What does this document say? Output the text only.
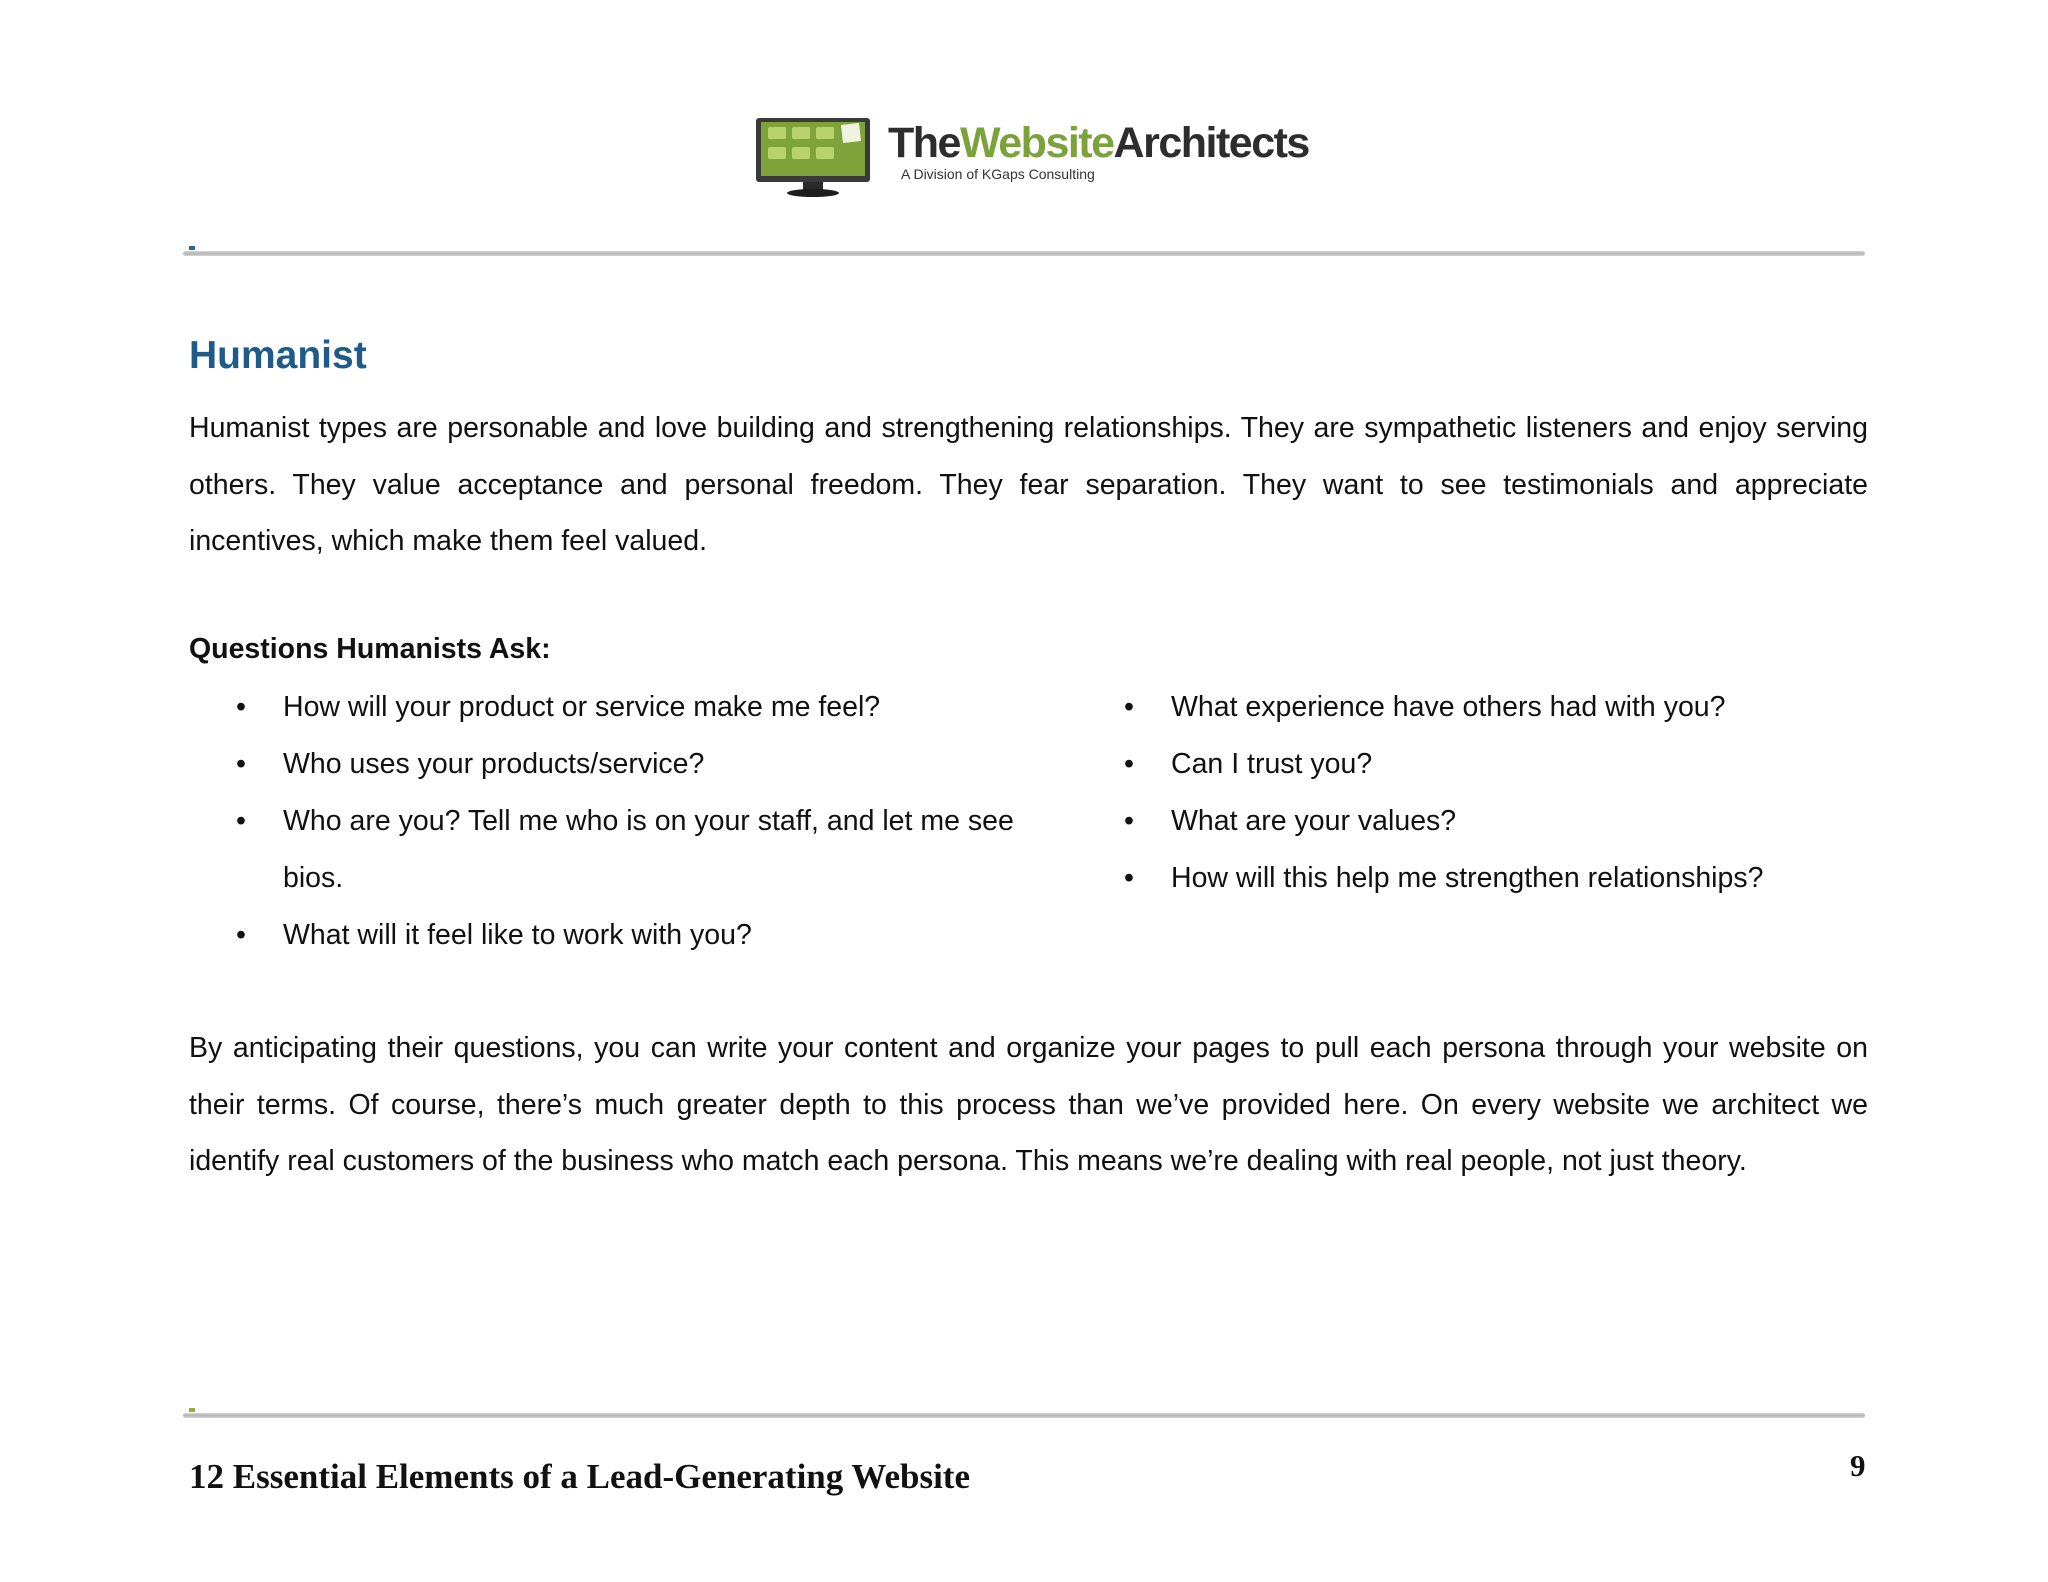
TheWebsiteArchitects
A Division of KGaps Consulting
Humanist

Humanist types are personable and love building and strengthening relationships. They are sympathetic listeners and enjoy serving others. They value acceptance and personal freedom. They fear separation. They want to see testimonials and appreciate incentives, which make them feel valued.

Questions Humanists Ask:
• How will your product or service make me feel?
• Who uses your products/service?
• Who are you? Tell me who is on your staff, and let me see bios.
• What will it feel like to work with you?
• What experience have others had with you?
• Can I trust you?
• What are your values?
• How will this help me strengthen relationships?

By anticipating their questions, you can write your content and organize your pages to pull each persona through your website on their terms. Of course, there’s much greater depth to this process than we’ve provided here. On every website we architect we identify real customers of the business who match each persona. This means we’re dealing with real people, not just theory.

12 Essential Elements of a Lead-Generating Website	9
